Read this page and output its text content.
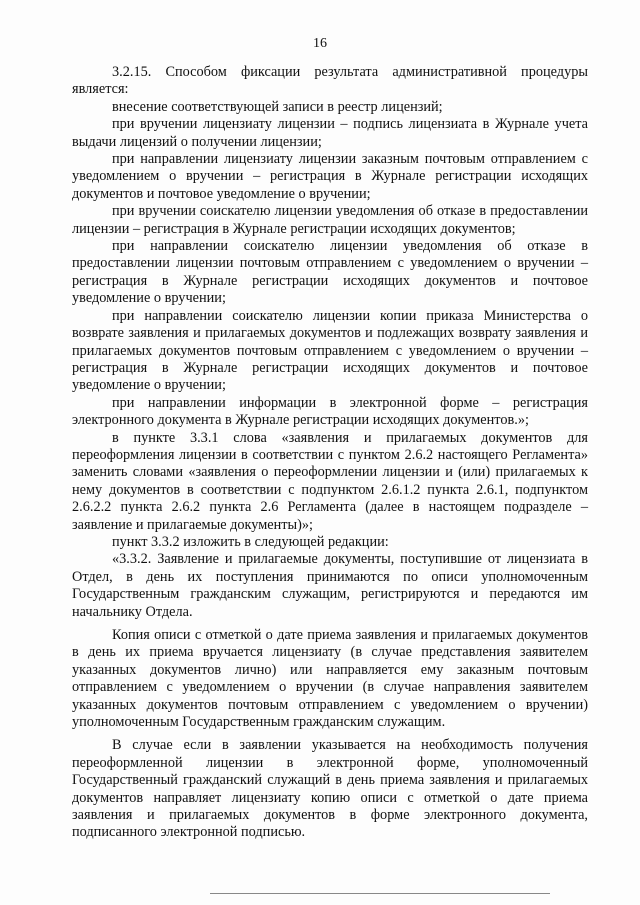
16

3.2.15. Способом фиксации результата административной процедуры является:

внесение соответствующей записи в реестр лицензий;

при вручении лицензиату лицензии – подпись лицензиата в Журнале учета выдачи лицензий о получении лицензии;

при направлении лицензиату лицензии заказным почтовым отправлением с уведомлением о вручении – регистрация в Журнале регистрации исходящих документов и почтовое уведомление о вручении;

при вручении соискателю лицензии уведомления об отказе в предоставлении лицензии – регистрация в Журнале регистрации исходящих документов;

при направлении соискателю лицензии уведомления об отказе в предоставлении лицензии почтовым отправлением с уведомлением о вручении – регистрация в Журнале регистрации исходящих документов и почтовое уведомление о вручении;

при направлении соискателю лицензии копии приказа Министерства о возврате заявления и прилагаемых документов и подлежащих возврату заявления и прилагаемых документов почтовым отправлением с уведомлением о вручении – регистрация в Журнале регистрации исходящих документов и почтовое уведомление о вручении;

при направлении информации в электронной форме – регистрация электронного документа в Журнале регистрации исходящих документов.»;

в пункте 3.3.1 слова «заявления и прилагаемых документов для переоформления лицензии в соответствии с пунктом 2.6.2 настоящего Регламента» заменить словами «заявления о переоформлении лицензии и (или) прилагаемых к нему документов в соответствии с подпунктом 2.6.1.2 пункта 2.6.1, подпунктом 2.6.2.2 пункта 2.6.2 пункта 2.6 Регламента (далее в настоящем подразделе – заявление и прилагаемые документы)»;

пункт 3.3.2 изложить в следующей редакции:

«3.3.2. Заявление и прилагаемые документы, поступившие от лицензиата в Отдел, в день их поступления принимаются по описи уполномоченным Государственным гражданским служащим, регистрируются и передаются им начальнику Отдела.

Копия описи с отметкой о дате приема заявления и прилагаемых документов в день их приема вручается лицензиату (в случае представления заявителем указанных документов лично) или направляется ему заказным почтовым отправлением с уведомлением о вручении (в случае направления заявителем указанных документов почтовым отправлением с уведомлением о вручении) уполномоченным Государственным гражданским служащим.

В случае если в заявлении указывается на необходимость получения переоформленной лицензии в электронной форме, уполномоченный Государственный гражданский служащий в день приема заявления и прилагаемых документов направляет лицензиату копию описи с отметкой о дате приема заявления и прилагаемых документов в форме электронного документа, подписанного электронной подписью.
